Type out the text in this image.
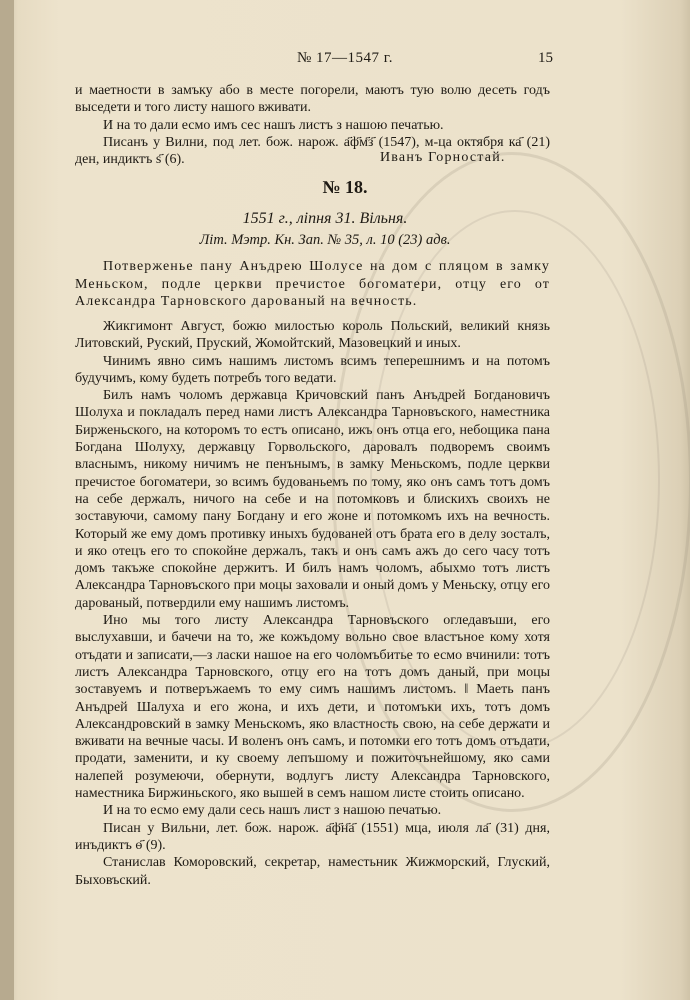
№ 17—1547 г.	15

и маетности в замъку або в месте погорели, маютъ тую волю десеть годъ выседети и того листу нашого вживати.

И на то дали есмо имъ сес нашъ листъ з нашою печатью.

Писанъ у Вилни, под лет. бож. нарож. а҃ф҃м҃з҃ (1547), м-ца октября ка҃ (21) ден, индиктъ ѕ҃ (6).	Иванъ Горностай.
№ 18.
1551 г., ліпня 31. Вільня.
Літ. Мэтр. Кн. Зап. № 35, л. 10 (23) адв.

Потверженье пану Анъдрею Шолусе на дом с пляцом в замку Меньском, подле церкви пречистое богоматери, отцу его от Александра Тарновского дарованый на вечность.

Жикгимонт Август, божю милостью король Польский, великий князь Литовский, Руский, Пруский, Жомойтский, Мазовецкий и иных.

Чинимъ явно симъ нашимъ листомъ всимъ теперешнимъ и на потомъ будучимъ, кому будеть потребъ того ведати.

Билъ намъ чоломъ державца Кричовский панъ Анъдрей Богдановичъ Шолуха и покладалъ перед нами листъ Александра Тарновъского, наместника Бирженьского, на которомъ то естъ описано, ижъ онъ отца его, небощика пана Богдана Шолуху, держaвцу Горвольского, даровалъ подворемъ своимъ власнымъ, никому ничимъ не пенънымъ, в замку Меньскомъ, подле церкви пречистое богоматери, зо всимъ будованьемъ по тому, яко онъ самъ тотъ домъ на себе держалъ, ничого на себе и на потомковъ и блискихъ своихъ не зоставуючи, самому пану Богдану и его жоне и потомкомъ ихъ на вечность. Который же ему домъ противку иныхъ будованей отъ брата его в делу зосталъ, и яко отецъ его то спокойне держалъ, такъ и онъ самъ ажъ до сего часу тотъ домъ такъже спокойне держитъ. И билъ намъ чоломъ, абыхмо тотъ листъ Александра Тарновъского при моцы заховали и оный домъ у Меньску, отцу его дарованый, потвердили ему нашимъ листомъ.

Ино мы того листу Александра Тарновъского огледавъши, его выслухавши, и бачечи на то, же кожъдому вольно свое властъное кому хотя отъдати и записати,—з ласки нашое на его чоломъбитье то есмо вчинили: тотъ листъ Александра Тарновского, отцу его на тотъ домъ даный, при моцы зоставуемъ и потверъжаемъ то ему симъ нашимъ листомъ. ‖ Маеть панъ Анъдрей Шалуха и его жона, и ихъ дети, и потомъки ихъ, тотъ домъ Александровский в замку Меньскомъ, яко властность свою, на себе держати и вживати на вечные часы. И воленъ онъ самъ, и потомки его тотъ домъ отъдати, продати, заменити, и ку своему лепъшому и пожиточънейшому, яко сами налепей розумеючи, обернути, водлугъ листу Александра Тарновского, наместника Биржиньского, яко вышей в семъ нашом листе стоить описано.

И на то есмо ему дали сесь нашъ лист з нашою печатью.

Писан у Вильни, лет. бож. нарож. а҃ф҃н҃а҃ (1551) мца, июля ла҃ (31) дня, инъдиктъ ѳ҃ (9).

Станислав Коморовский, секретар, наместьник Жижморский, Глуский, Быховъский.
